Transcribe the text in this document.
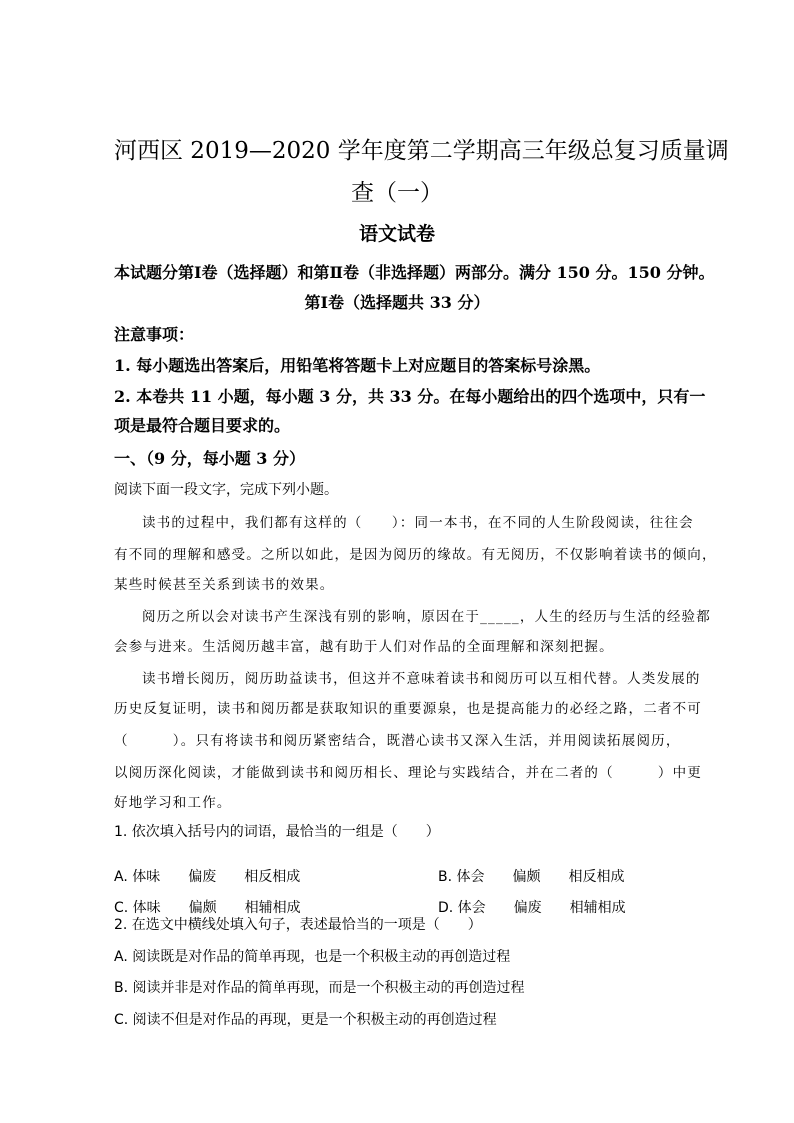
河西区 2019—2020 学年度第二学期高三年级总复习质量调

查（一）

语文试卷

本试题分第Ⅰ卷（选择题）和第Ⅱ卷（非选择题）两部分。满分 150 分。150 分钟。

第Ⅰ卷（选择题共 33 分）

注意事项：

1. 每小题选出答案后，用铅笔将答题卡上对应题目的答案标号涂黑。

2. 本卷共 11 小题，每小题 3 分，共 33 分。在每小题给出的四个选项中，只有一

项是最符合题目要求的。

一、（9 分，每小题 3 分）

阅读下面一段文字，完成下列小题。

读书的过程中，我们都有这样的（　　）：同一本书，在不同的人生阶段阅读，往往会

有不同的理解和感受。之所以如此，是因为阅历的缘故。有无阅历，不仅影响着读书的倾向，

某些时候甚至关系到读书的效果。

阅历之所以会对读书产生深浅有别的影响，原因在于_____，人生的经历与生活的经验都

会参与进来。生活阅历越丰富，越有助于人们对作品的全面理解和深刻把握。

读书增长阅历，阅历助益读书，但这并不意味着读书和阅历可以互相代替。人类发展的

历史反复证明，读书和阅历都是获取知识的重要源泉，也是提高能力的必经之路，二者不可

（　　　）。只有将读书和阅历紧密结合，既潜心读书又深入生活，并用阅读拓展阅历，

以阅历深化阅读，才能做到读书和阅历相长、理论与实践结合，并在二者的（　　　）中更

好地学习和工作。

1. 依次填入括号内的词语，最恰当的一组是（　　）

A. 体味　　偏废　　相反相成	B. 体会　　偏颇　　相反相成

C. 体味　　偏颇　　相辅相成	D. 体会　　偏废　　相辅相成

2. 在选文中横线处填入句子，表述最恰当的一项是（　　）

A. 阅读既是对作品的简单再现，也是一个积极主动的再创造过程

B. 阅读并非是对作品的简单再现，而是一个积极主动的再创造过程

C. 阅读不但是对作品的再现，更是一个积极主动的再创造过程
